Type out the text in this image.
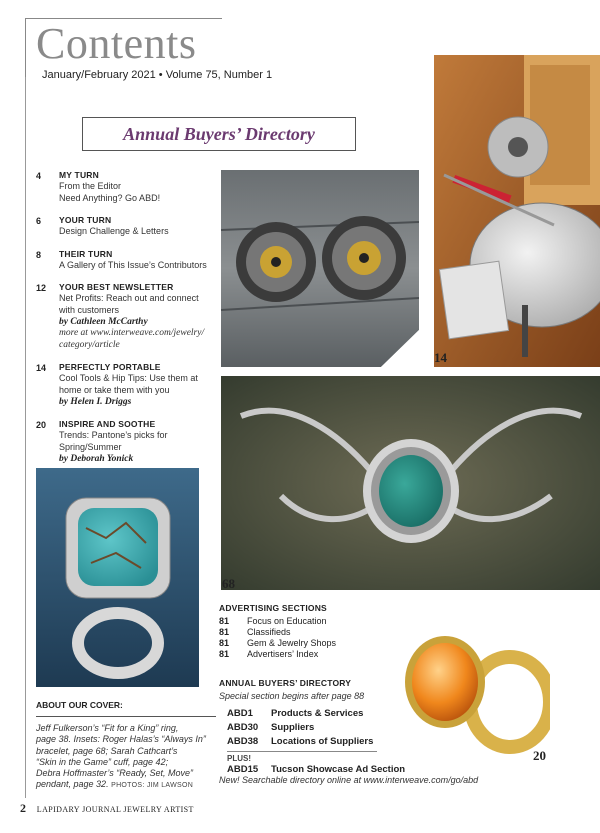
Contents
January/February 2021 • Volume 75, Number 1
Annual Buyers’ Directory
4	MY TURN
From the Editor
Need Anything? Go ABD!
6	YOUR TURN
Design Challenge & Letters
8	THEIR TURN
A Gallery of This Issue’s Contributors
12	YOUR BEST NEWSLETTER
Net Profits: Reach out and connect
with customers
by Cathleen McCarthy
more at www.interweave.com/jewelry/
category/article
14	PERFECTLY PORTABLE
Cool Tools & Hip Tips: Use them at
home or take them with you
by Helen I. Driggs
20	INSPIRE AND SOOTHE
Trends: Pantone’s picks for
Spring/Summer
by Deborah Yonick
14
68
20
ADVERTISING SECTIONS
81	Focus on Education
81	Classifieds
81	Gem & Jewelry Shops
81	Advertisers’ Index
ANNUAL BUYERS’ DIRECTORY
Special section begins after page 88
ABD1	Products & Services
ABD30	Suppliers
ABD38	Locations of Suppliers
PLUS!
ABD15	Tucson Showcase Ad Section
New! Searchable directory online at www.interweave.com/go/abd
ABOUT OUR COVER:
Jeff Fulkerson’s “Fit for a King” ring,
page 38. Insets: Roger Halas’s “Always In”
bracelet, page 68; Sarah Cathcart’s
“Skin in the Game” cuff, page 42;
Debra Hoffmaster’s “Ready, Set, Move”
pendant, page 32. PHOTOS: JIM LAWSON
2 LAPIDARY JOURNAL JEWELRY ARTIST
